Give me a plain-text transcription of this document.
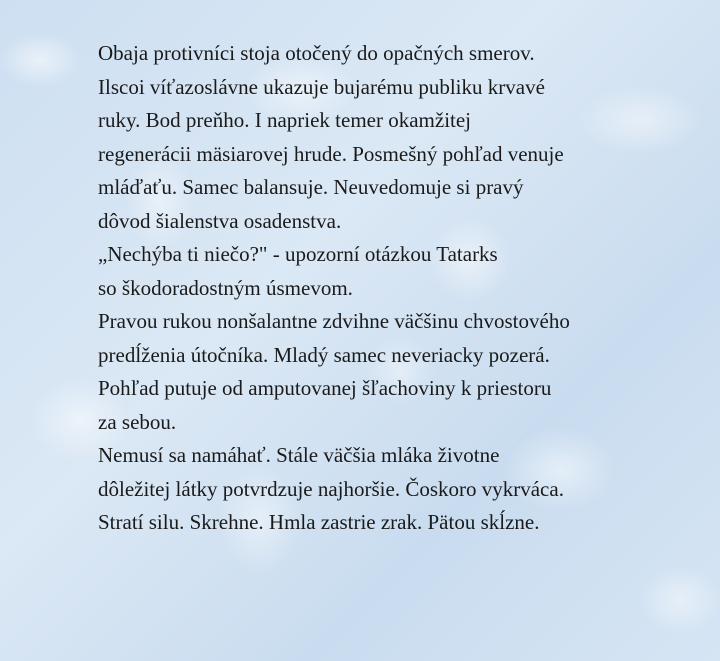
Obaja protivníci stoja otočený do opačných smerov.
Ilscoi víťazoslávne ukazuje bujarému publiku krvavé
ruky. Bod preňho. I napriek temer okamžitej
regenerácii mäsiarovej hrude. Posmešný pohľad venuje
mláďaťu. Samec balansuje. Neuvedomuje si pravý
dôvod šialenstva osadenstva.
„Nechýba ti niečo?" - upozorní otázkou Tatarks
so škodoradostným úsmevom.
Pravou rukou nonšalantne zdvihne väčšinu chvostového
predĺženia útočníka. Mladý samec neveriacky pozerá.
Pohľad putuje od amputovanej šľachoviny k priestoru
za sebou.
Nemusí sa namáhať. Stále väčšia mláka životne
dôležitej látky potvrdzuje najhoršie. Čoskoro vykrváca.
Stratí silu. Skrehne. Hmla zastrie zrak. Pätou skĺzne.
